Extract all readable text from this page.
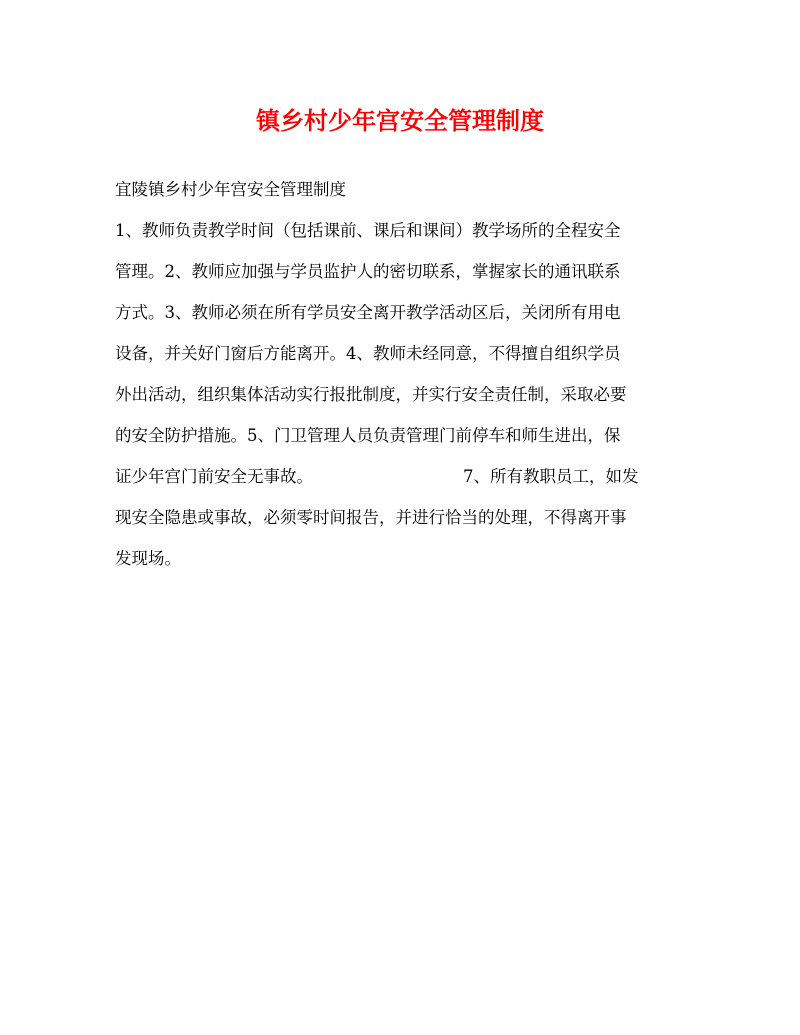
镇乡村少年宫安全管理制度
宜陵镇乡村少年宫安全管理制度
1、教师负责教学时间（包括课前、课后和课间）教学场所的全程安全
管理。2、教师应加强与学员监护人的密切联系，掌握家长的通讯联系
方式。3、教师必须在所有学员安全离开教学活动区后，关闭所有用电
设备，并关好门窗后方能离开。4、教师未经同意，不得擅自组织学员
外出活动，组织集体活动实行报批制度，并实行安全责任制，采取必要
的安全防护措施。5、门卫管理人员负责管理门前停车和师生进出，保
证少年宫门前安全无事故。	7、所有教职员工，如发
现安全隐患或事故，必须零时间报告，并进行恰当的处理，不得离开事
发现场。
